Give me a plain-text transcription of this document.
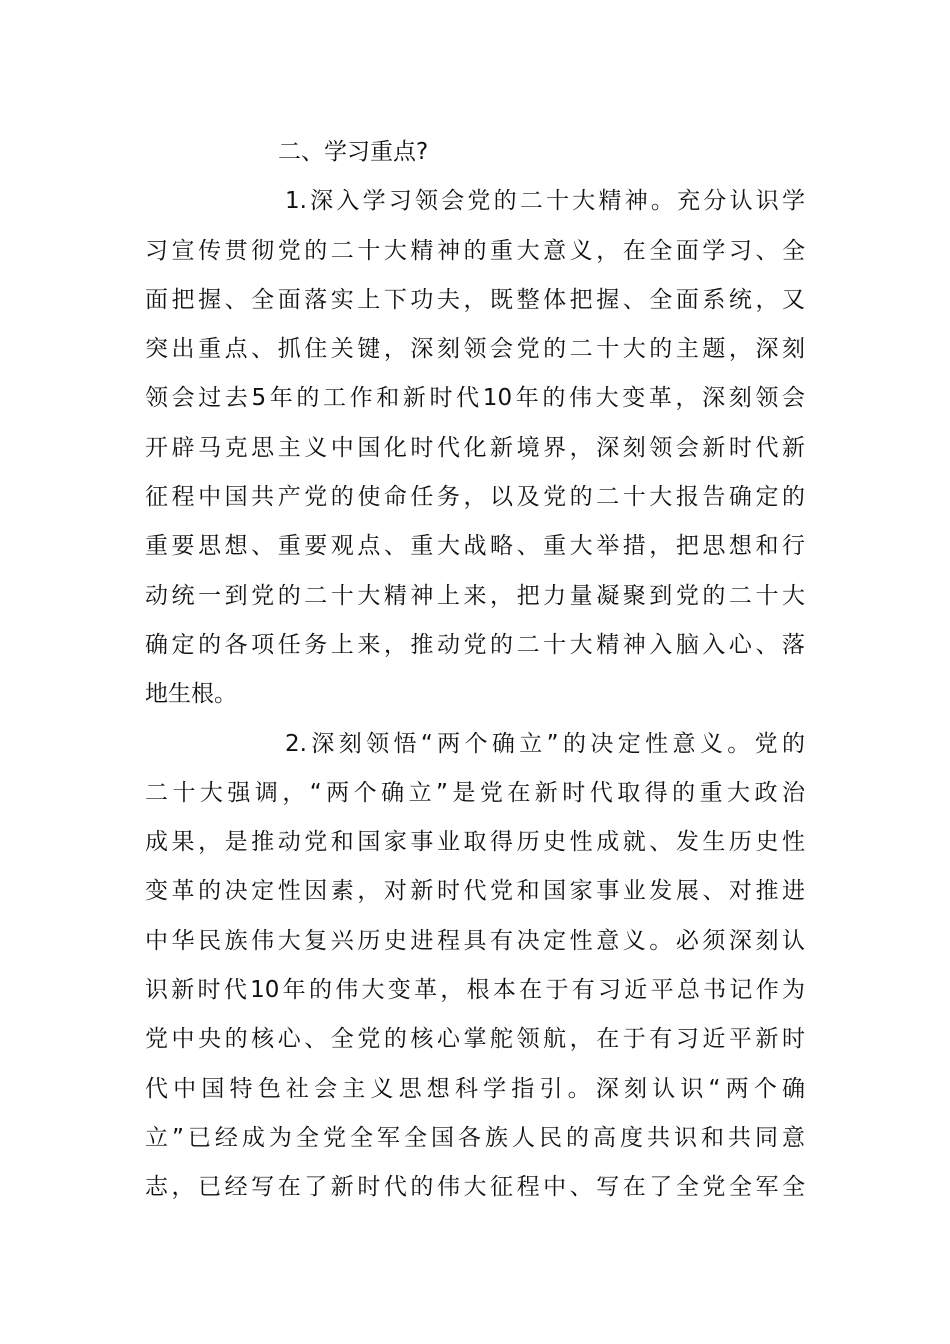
二、学习重点?
1.深入学习领会党的二十大精神。充分认识学
习宣传贯彻党的二十大精神的重大意义，在全面学习、全
面把握、全面落实上下功夫，既整体把握、全面系统，又
突出重点、抓住关键，深刻领会党的二十大的主题，深刻
领会过去5年的工作和新时代10年的伟大变革，深刻领会
开辟马克思主义中国化时代化新境界，深刻领会新时代新
征程中国共产党的使命任务，以及党的二十大报告确定的
重要思想、重要观点、重大战略、重大举措，把思想和行
动统一到党的二十大精神上来，把力量凝聚到党的二十大
确定的各项任务上来，推动党的二十大精神入脑入心、落
地生根。
2.深刻领悟“两个确立”的决定性意义。党的
二十大强调，“两个确立”是党在新时代取得的重大政治
成果，是推动党和国家事业取得历史性成就、发生历史性
变革的决定性因素，对新时代党和国家事业发展、对推进
中华民族伟大复兴历史进程具有决定性意义。必须深刻认
识新时代10年的伟大变革，根本在于有习近平总书记作为
党中央的核心、全党的核心掌舵领航，在于有习近平新时
代中国特色社会主义思想科学指引。深刻认识“两个确
立”已经成为全党全军全国各族人民的高度共识和共同意
志，已经写在了新时代的伟大征程中、写在了全党全军全
